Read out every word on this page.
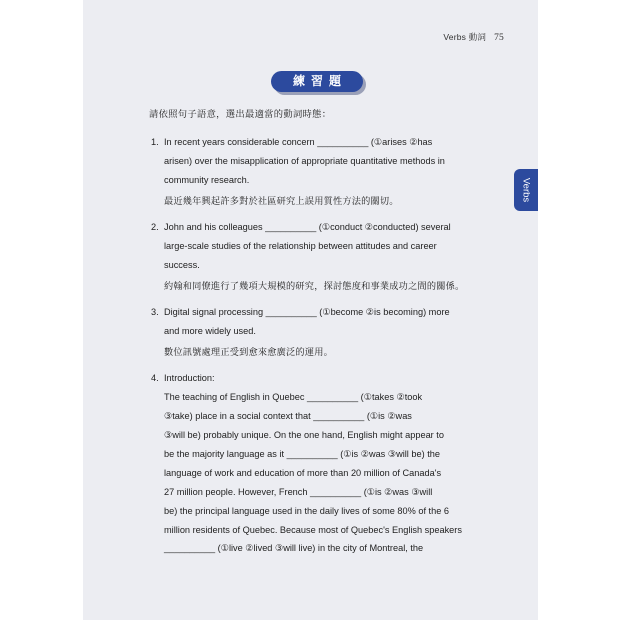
Verbs 動詞 75
練習題
Verbs
請依照句子語意，選出最適當的動詞時態：
1. In recent years considerable concern __________ (①arises ②has
arisen) over the misapplication of appropriate quantitative methods in
community research.
最近幾年興起許多對於社區研究上誤用質性方法的關切。
2. John and his colleagues __________ (①conduct ②conducted) several
large-scale studies of the relationship between attitudes and career
success.
約翰和同僚進行了幾項大規模的研究，探討態度和事業成功之間的關係。
3. Digital signal processing __________ (①become ②is becoming) more
and more widely used.
數位訊號處理正受到愈來愈廣泛的運用。
4. Introduction:
The teaching of English in Quebec __________ (①takes ②took
③take) place in a social context that __________ (①is ②was
③will be) probably unique. On the one hand, English might appear to
be the majority language as it __________ (①is ②was ③will be) the
language of work and education of more than 20 million of Canada's
27 million people. However, French __________ (①is ②was ③will
be) the principal language used in the daily lives of some 80% of the 6
million residents of Quebec. Because most of Quebec's English speakers
__________ (①live ②lived ③will live) in the city of Montreal, the
